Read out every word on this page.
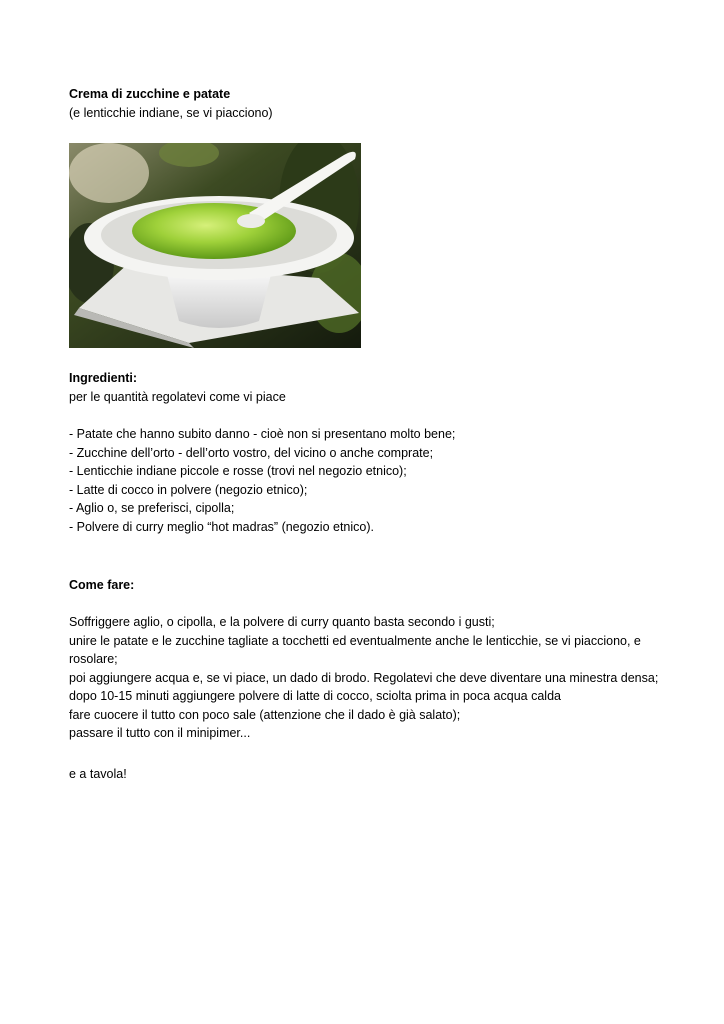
Crema di zucchine e patate
(e lenticchie indiane, se vi piacciono)
Ingredienti:
per le quantità regolatevi come vi piace
- Patate che hanno subito danno - cioè non si presentano molto bene;
- Zucchine dell’orto - dell’orto vostro, del vicino o anche comprate;
- Lenticchie indiane piccole e rosse (trovi nel negozio etnico);
- Latte di cocco in polvere (negozio etnico);
- Aglio o, se preferisci, cipolla;
- Polvere di curry meglio “hot madras” (negozio etnico).
Come fare:
Soffriggere aglio, o cipolla, e la polvere di curry quanto basta secondo i gusti;
unire le patate e le zucchine tagliate a tocchetti ed eventualmente anche le lenticchie, se vi piacciono, e rosolare;
poi aggiungere acqua e, se vi piace, un dado di brodo. Regolatevi che deve diventare una minestra densa;
dopo 10-15 minuti aggiungere polvere di latte di cocco, sciolta prima in poca acqua calda
fare cuocere il tutto con poco sale (attenzione che il dado è già salato);
passare il tutto con il minipimer...
e a tavola!
